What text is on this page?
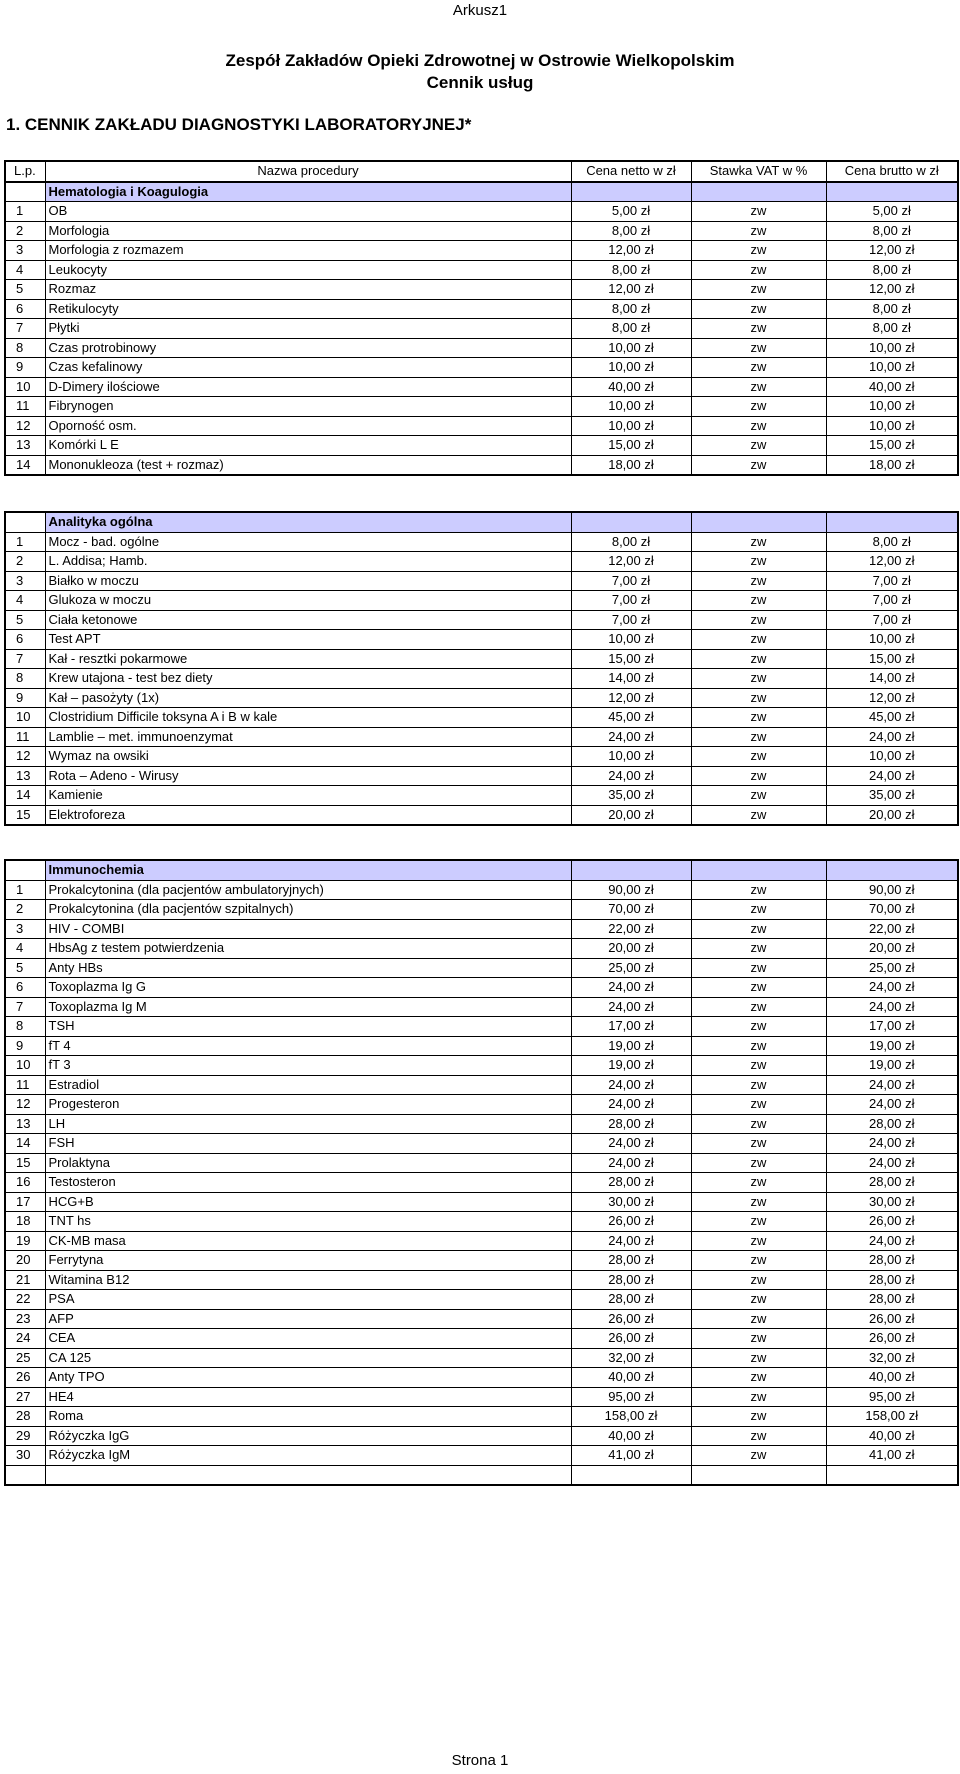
Arkusz1
Zespół Zakładów Opieki Zdrowotnej w Ostrowie Wielkopolskim
Cennik usług
1. CENNIK ZAKŁADU DIAGNOSTYKI LABORATORYJNEJ*
L.p.	Nazwa procedury	Cena netto w zł	Stawka VAT w %	Cena brutto w zł
	Hematologia i Koagulogia			
1	OB	5,00 zł	zw	5,00 zł
2	Morfologia	8,00 zł	zw	8,00 zł
3	Morfologia z rozmazem	12,00 zł	zw	12,00 zł
4	Leukocyty	8,00 zł	zw	8,00 zł
5	Rozmaz	12,00 zł	zw	12,00 zł
6	Retikulocyty	8,00 zł	zw	8,00 zł
7	Płytki	8,00 zł	zw	8,00 zł
8	Czas protrobinowy	10,00 zł	zw	10,00 zł
9	Czas kefalinowy	10,00 zł	zw	10,00 zł
10	D-Dimery ilościowe	40,00 zł	zw	40,00 zł
11	Fibrynogen	10,00 zł	zw	10,00 zł
12	Oporność osm.	10,00 zł	zw	10,00 zł
13	Komórki L E	15,00 zł	zw	15,00 zł
14	Mononukleoza (test + rozmaz)	18,00 zł	zw	18,00 zł
	Analityka ogólna			
1	Mocz - bad. ogólne	8,00 zł	zw	8,00 zł
2	L. Addisa; Hamb.	12,00 zł	zw	12,00 zł
3	Białko w moczu	7,00 zł	zw	7,00 zł
4	Glukoza w moczu	7,00 zł	zw	7,00 zł
5	Ciała ketonowe	7,00 zł	zw	7,00 zł
6	Test APT	10,00 zł	zw	10,00 zł
7	Kał - resztki pokarmowe	15,00 zł	zw	15,00 zł
8	Krew utajona - test bez diety	14,00 zł	zw	14,00 zł
9	Kał – pasożyty (1x)	12,00 zł	zw	12,00 zł
10	Clostridium Difficile toksyna A i B w kale	45,00 zł	zw	45,00 zł
11	Lamblie – met. immunoenzymat	24,00 zł	zw	24,00 zł
12	Wymaz na owsiki	10,00 zł	zw	10,00 zł
13	Rota – Adeno - Wirusy	24,00 zł	zw	24,00 zł
14	Kamienie	35,00 zł	zw	35,00 zł
15	Elektroforeza	20,00 zł	zw	20,00 zł
	Immunochemia			
1	Prokalcytonina (dla pacjentów ambulatoryjnych)	90,00 zł	zw	90,00 zł
2	Prokalcytonina (dla pacjentów szpitalnych)	70,00 zł	zw	70,00 zł
3	HIV - COMBI	22,00 zł	zw	22,00 zł
4	HbsAg z testem potwierdzenia	20,00 zł	zw	20,00 zł
5	Anty HBs	25,00 zł	zw	25,00 zł
6	Toxoplazma Ig G	24,00 zł	zw	24,00 zł
7	Toxoplazma Ig M	24,00 zł	zw	24,00 zł
8	TSH	17,00 zł	zw	17,00 zł
9	fT 4	19,00 zł	zw	19,00 zł
10	fT 3	19,00 zł	zw	19,00 zł
11	Estradiol	24,00 zł	zw	24,00 zł
12	Progesteron	24,00 zł	zw	24,00 zł
13	LH	28,00 zł	zw	28,00 zł
14	FSH	24,00 zł	zw	24,00 zł
15	Prolaktyna	24,00 zł	zw	24,00 zł
16	Testosteron	28,00 zł	zw	28,00 zł
17	HCG+B	30,00 zł	zw	30,00 zł
18	TNT hs	26,00 zł	zw	26,00 zł
19	CK-MB masa	24,00 zł	zw	24,00 zł
20	Ferrytyna	28,00 zł	zw	28,00 zł
21	Witamina B12	28,00 zł	zw	28,00 zł
22	PSA	28,00 zł	zw	28,00 zł
23	AFP	26,00 zł	zw	26,00 zł
24	CEA	26,00 zł	zw	26,00 zł
25	CA 125	32,00 zł	zw	32,00 zł
26	Anty TPO	40,00 zł	zw	40,00 zł
27	HE4	95,00 zł	zw	95,00 zł
28	Roma	158,00 zł	zw	158,00 zł
29	Różyczka IgG	40,00 zł	zw	40,00 zł
30	Różyczka IgM	41,00 zł	zw	41,00 zł

Strona 1
